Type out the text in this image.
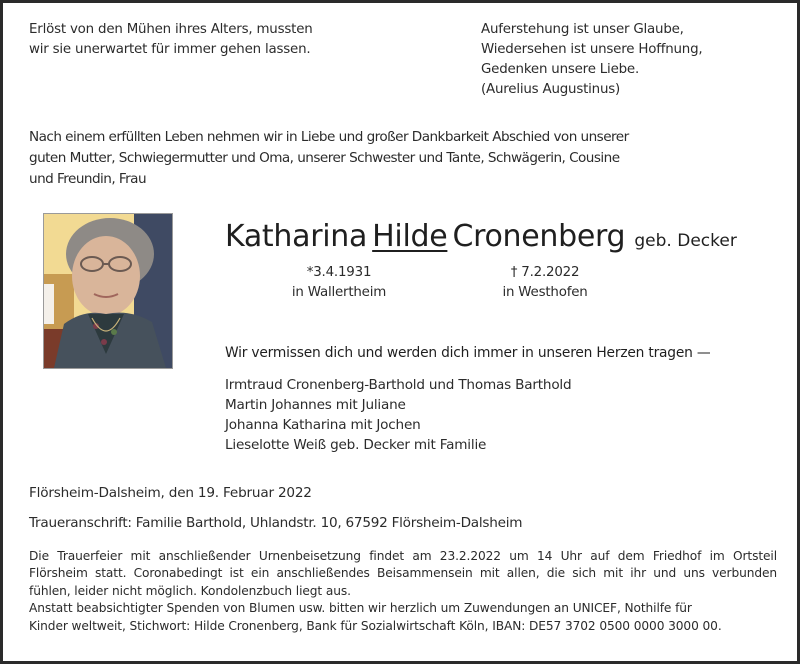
Erlöst von den Mühen ihres Alters, mussten
wir sie unerwartet für immer gehen lassen.
Auferstehung ist unser Glaube,
Wiedersehen ist unsere Hoffnung,
Gedenken unsere Liebe.
(Aurelius Augustinus)
Nach einem erfüllten Leben nehmen wir in Liebe und großer Dankbarkeit Abschied von unserer
guten Mutter, Schwiegermutter und Oma, unserer Schwester und Tante, Schwägerin, Cousine
und Freundin, Frau
Katharina Hilde Cronenberg geb. Decker
*3.4.1931
in Wallertheim
† 7.2.2022
in Westhofen
Wir vermissen dich und werden dich immer in unseren Herzen tragen —
Irmtraud Cronenberg-Barthold und Thomas Barthold
Martin Johannes mit Juliane
Johanna Katharina mit Jochen
Lieselotte Weiß geb. Decker mit Familie
Flörsheim-Dalsheim, den 19. Februar 2022
Traueranschrift: Familie Barthold, Uhlandstr. 10, 67592 Flörsheim-Dalsheim

Die Trauerfeier mit anschließender Urnenbeisetzung findet am 23.2.2022 um 14 Uhr auf dem Friedhof im Ortsteil

Flörsheim statt. Coronabedingt ist ein anschließendes Beisammensein mit allen, die sich mit ihr und uns verbunden

fühlen, leider nicht möglich. Kondolenzbuch liegt aus.

Anstatt beabsichtigter Spenden von Blumen usw. bitten wir herzlich um Zuwendungen an UNICEF, Nothilfe für

Kinder weltweit, Stichwort: Hilde Cronenberg, Bank für Sozialwirtschaft Köln, IBAN: DE57 3702 0500 0000 3000 00.
